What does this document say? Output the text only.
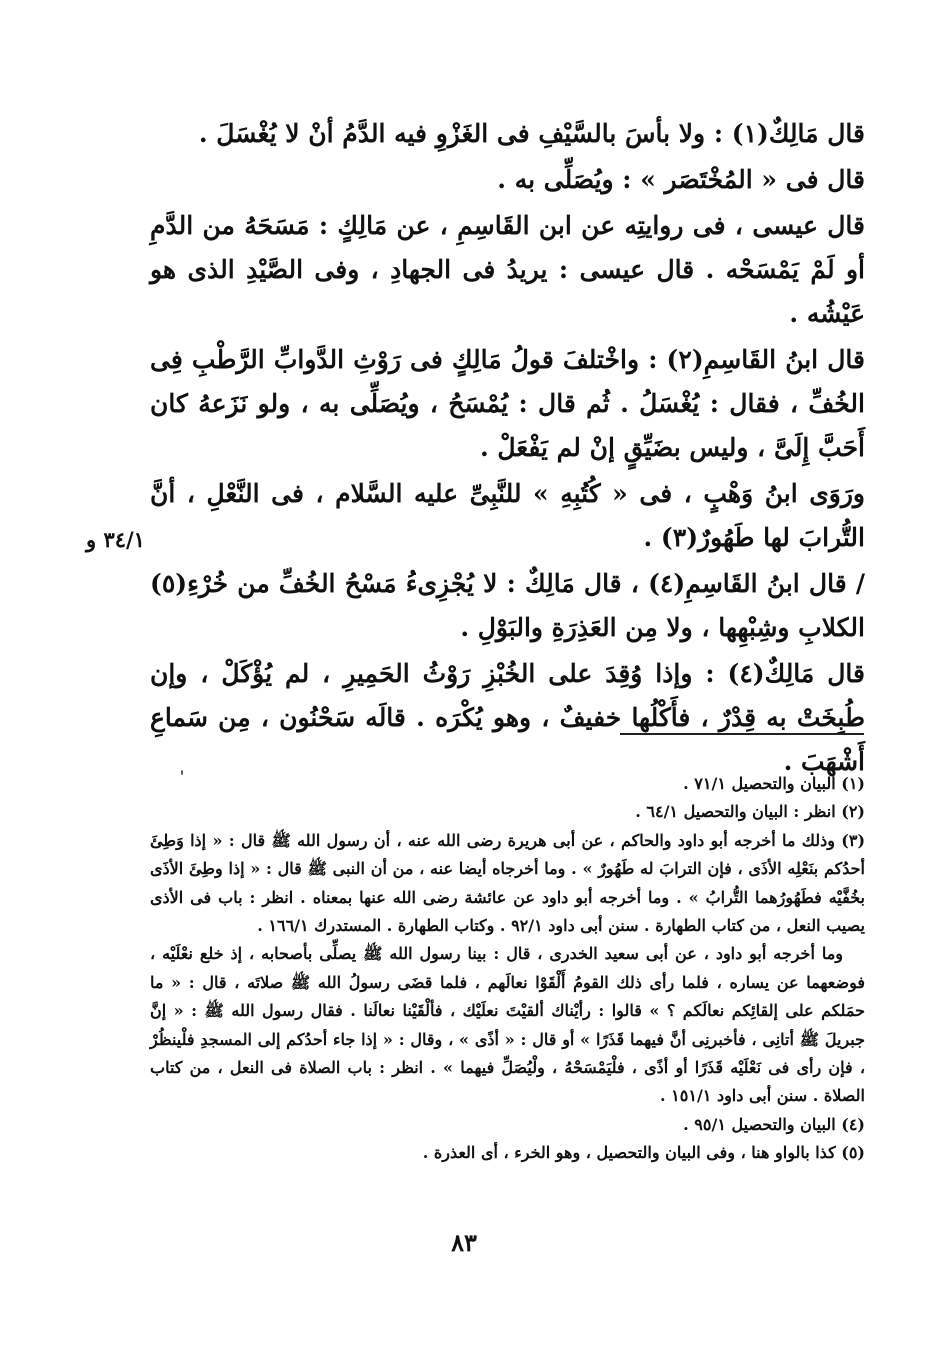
قال مَالِكٌ(١) : ولا بأسَ بالسَّيْفِ فى الغَزْوِ فيه الدَّمُ أنْ لا يُغْسَلَ .

قال فى « المُخْتَصَر » : ويُصَلِّى به .

قال عيسى ، فى روايتِه عن ابن القَاسِمِ ، عن مَالِكٍ : مَسَحَهُ من الدَّمِ أو لَمْ يَمْسَحْه . قال عيسى : يريدُ فى الجهادِ ، وفى الصَّيْدِ الذى هو عَيْشُه .

قال ابنُ القَاسِمِ(٢) : واخْتلفَ قولُ مَالِكٍ فى رَوْثِ الدَّوابِّ الرَّطْبِ فِى الخُفِّ ، فقال : يُغْسَلُ . ثُم قال : يُمْسَحُ ، ويُصَلِّى به ، ولو نَزَعهُ كان أَحَبَّ إِلَىَّ ، وليس بضَيِّقٍ إنْ لم يَفْعَلْ .

ورَوَى ابنُ وَهْبٍ ، فى « كُتُبِهِ » للنَّبِىِّ عليه السَّلام ، فى النَّعْلِ ، أنَّ التُّرابَ لها طَهُورٌ(٣) .

/ قال ابنُ القَاسِمِ(٤) ، قال مَالِكٌ : لا يُجْزِىءُ مَسْحُ الخُفِّ من خُرْءِ(٥) الكلابِ وشِبْهِها ، ولا مِن العَذِرَةِ والبَوْلِ .

قال مَالِكٌ(٤) : وإذا وُقِدَ على الخُبْزِ رَوْثُ الحَمِيرِ ، لم يُؤْكَلْ ، وإن طُبِخَتْ به قِدْرٌ ، فأَكْلُها خفيفٌ ، وهو يُكْرَه . قالَه سَحْنُون ، مِن سَماعِ أَشْهَبَ .

٣٤/١ و

(١) البيان والتحصيل ٧١/١ .

(٢) انظر : البيان والتحصيل ٦٤/١ .

(٣) وذلك ما أخرجه أبو داود والحاكم ، عن أبى هريرة رضى الله عنه ، أن رسول الله ﷺ قال : « إذا وَطِئَ أحدُكم بنَعْلِه الأذَى ، فإن الترابَ له طَهُورٌ » . وما أخرجاه أيضا عنه ، من أن النبى ﷺ قال : « إذا وطِئَ الأذَى بخُفَّيْه فطَهُورُهما التُّرابُ » . وما أخرجه أبو داود عن عائشة رضى الله عنها بمعناه . انظر : باب فى الأذى يصيب النعل ، من كتاب الطهارة . سنن أبى داود ٩٢/١ . وكتاب الطهارة . المستدرك ١٦٦/١ .

وما أخرجه أبو داود ، عن أبى سعيد الخدرى ، قال : بينا رسول الله ﷺ يصلِّى بأصحابه ، إذ خلع نعْلَيْه ، فوضعهما عن يساره ، فلما رأى ذلك القومُ أَلْقَوْا نعالَهم ، فلما قضَى رسولُ الله ﷺ صلاتَه ، قال : « ما حمَلكم على إلقائِكم نعالَكم ؟ » قالوا : رأيْناك ألقيْتَ نعلَيْك ، فألْقَيْنا نعالَنا . فقال رسول الله ﷺ : « إنَّ جبريلَ ﷺ أتانِى ، فأخبرنِى أنَّ فيهما قَذَرًا » أو قال : « أذًى » ، وقال : « إذا جاء أحدُكم إلى المسجدِ فلْينظُرْ ، فإن رأى فى نَعْلَيْه قَذَرًا أو أذًى ، فلْيَمْسَحْهُ ، ولْيُصَلِّ فيهما » . انظر : باب الصلاة فى النعل ، من كتاب الصلاة . سنن أبى داود ١٥١/١ .

(٤) البيان والتحصيل ٩٥/١ .

(٥) كذا بالواو هنا ، وفى البيان والتحصيل ، وهو الخرء ، أى العذرة .

٨٣
